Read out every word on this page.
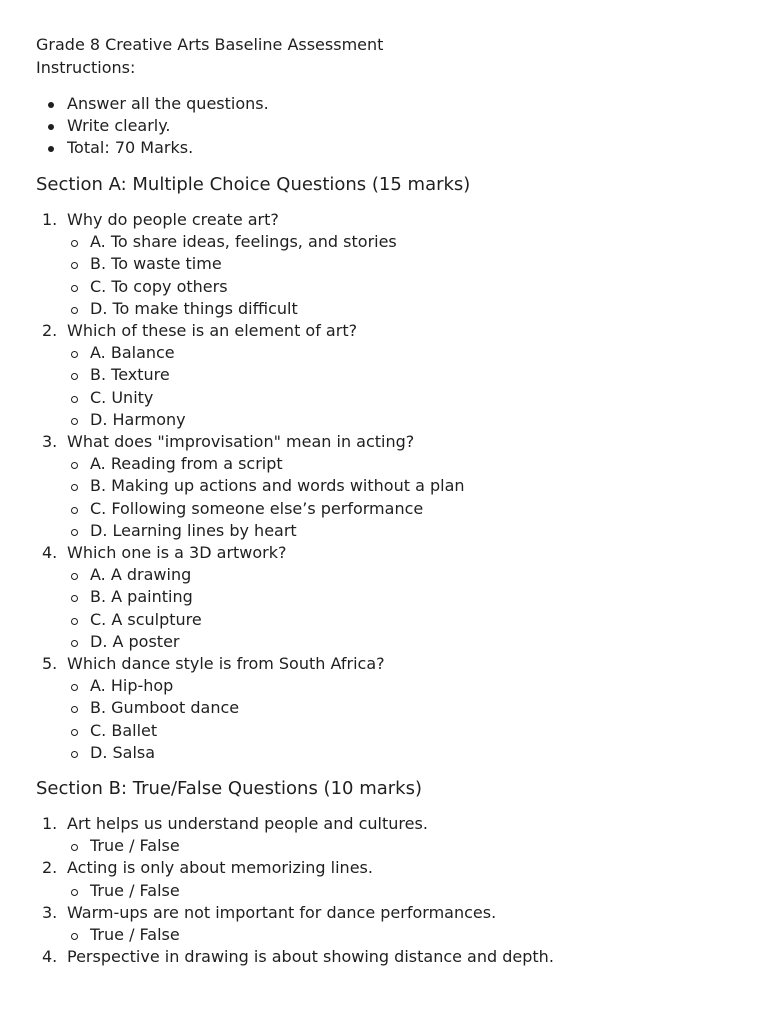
Grade 8 Creative Arts Baseline Assessment
Instructions:
Answer all the questions.
Write clearly.
Total: 70 Marks.
Section A: Multiple Choice Questions (15 marks)
1. Why do people create art?
A. To share ideas, feelings, and stories
B. To waste time
C. To copy others
D. To make things difficult
2. Which of these is an element of art?
A. Balance
B. Texture
C. Unity
D. Harmony
3. What does "improvisation" mean in acting?
A. Reading from a script
B. Making up actions and words without a plan
C. Following someone else’s performance
D. Learning lines by heart
4. Which one is a 3D artwork?
A. A drawing
B. A painting
C. A sculpture
D. A poster
5. Which dance style is from South Africa?
A. Hip-hop
B. Gumboot dance
C. Ballet
D. Salsa
Section B: True/False Questions (10 marks)
1. Art helps us understand people and cultures.
True / False
2. Acting is only about memorizing lines.
True / False
3. Warm-ups are not important for dance performances.
True / False
4. Perspective in drawing is about showing distance and depth.
